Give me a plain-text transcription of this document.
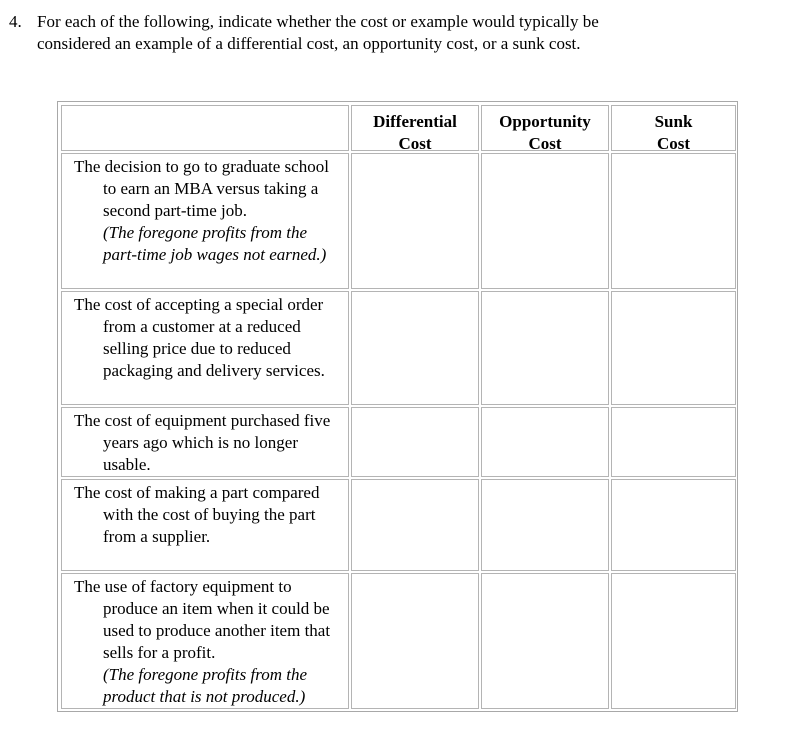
4. For each of the following, indicate whether the cost or example would typically be
considered an example of a differential cost, an opportunity cost, or a sunk cost.
Differential
Cost
Opportunity
Cost
Sunk
Cost
The decision to go to graduate school to earn an MBA versus taking a second part-time job.
(The foregone profits from the part-time job wages not earned.)
The cost of accepting a special order from a customer at a reduced selling price due to reduced packaging and delivery services.
The cost of equipment purchased five years ago which is no longer usable.
The cost of making a part compared with the cost of buying the part from a supplier.
The use of factory equipment to produce an item when it could be used to produce another item that sells for a profit.
(The foregone profits from the product that is not produced.)
